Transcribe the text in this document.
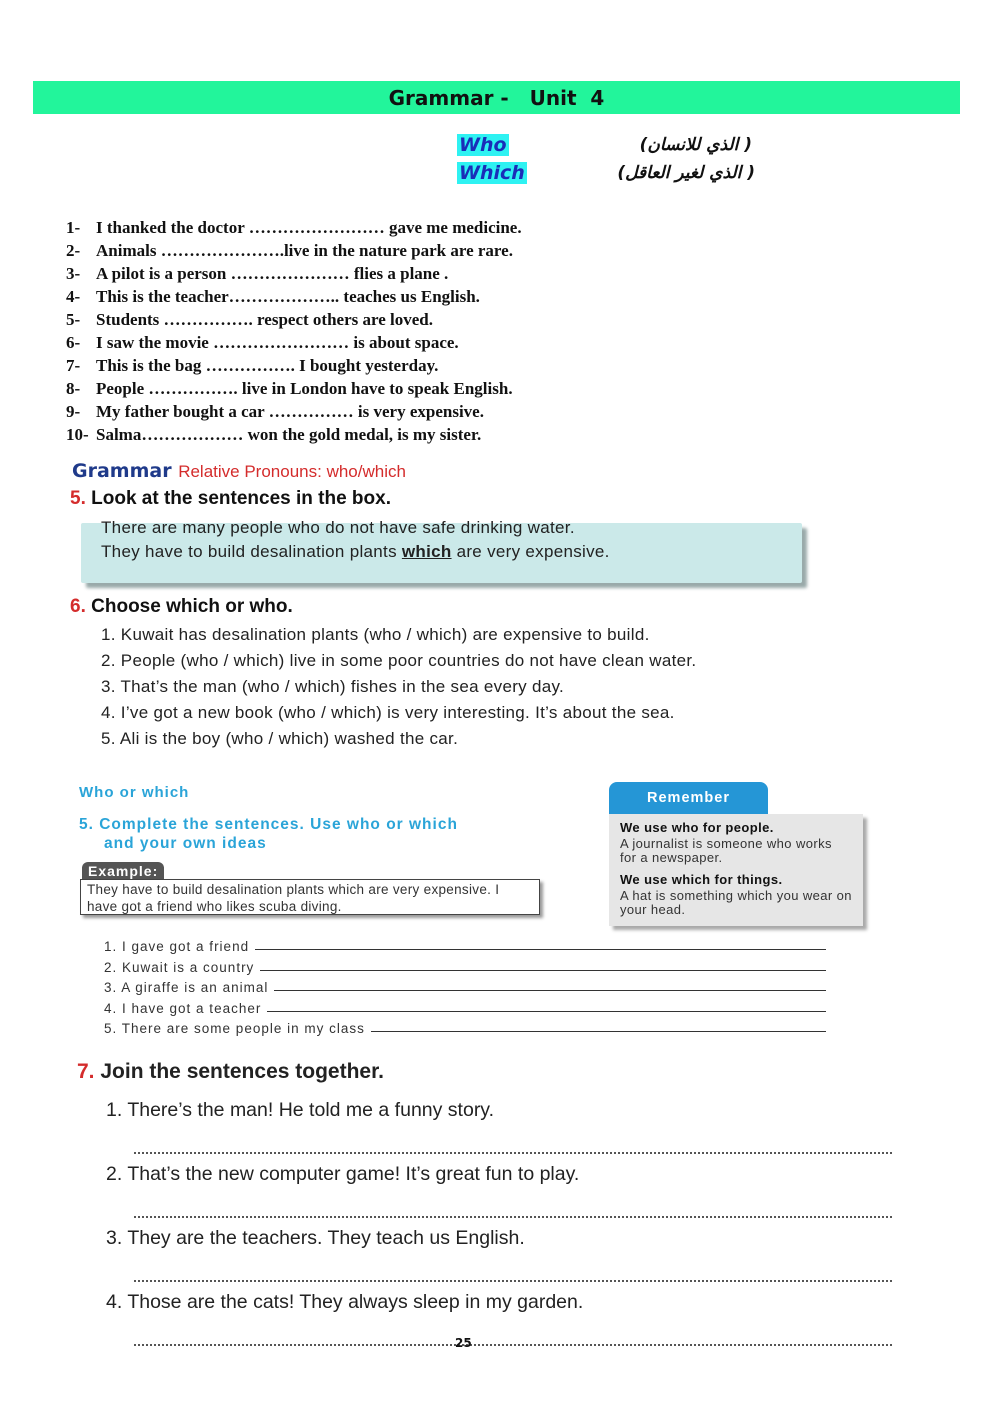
Grammar -   Unit  4
Who	( الذي للانسان)
Which	( الذي لغير العاقل)
1- I thanked the doctor …………………… gave me medicine.
2- Animals ………………….live in the nature park are rare.
3- A pilot is a person ………………… flies a plane .
4- This is the teacher……………….. teaches us English.
5- Students ……………. respect others are loved.
6- I saw the movie …………………… is about space.
7- This is the bag ……………. I bought yesterday.
8- People ……………. live in London have to speak English.
9- My father bought a car …………… is very expensive.
10- Salma……………… won the gold medal, is my sister.
Grammar Relative Pronouns: who/which
5. Look at the sentences in the box.
There are many people who do not have safe drinking water.
They have to build desalination plants which are very expensive.
6. Choose which or who.
1. Kuwait has desalination plants (who / which) are expensive to build.
2. People (who / which) live in some poor countries do not have clean water.
3. That’s the man (who / which) fishes in the sea every day.
4. I’ve got a new book (who / which) is very interesting. It’s about the sea.
5. Ali is the boy (who / which) washed the car.
Who or which
5. Complete the sentences. Use who or which
and your own ideas
Example:
They have to build desalination plants which are very expensive. I have got a friend who likes scuba diving.
Remember
We use who for people.
A journalist is someone who works for a newspaper.
We use which for things.
A hat is something which you wear on your head.
1. I gave got a friend
2. Kuwait is a country
3. A giraffe is an animal
4. I have got a teacher
5. There are some people in my class
7. Join the sentences together.
1. There’s the man! He told me a funny story.
2. That’s the new computer game! It’s great fun to play.
3. They are the teachers. They teach us English.
4. Those are the cats! They always sleep in my garden.
25
